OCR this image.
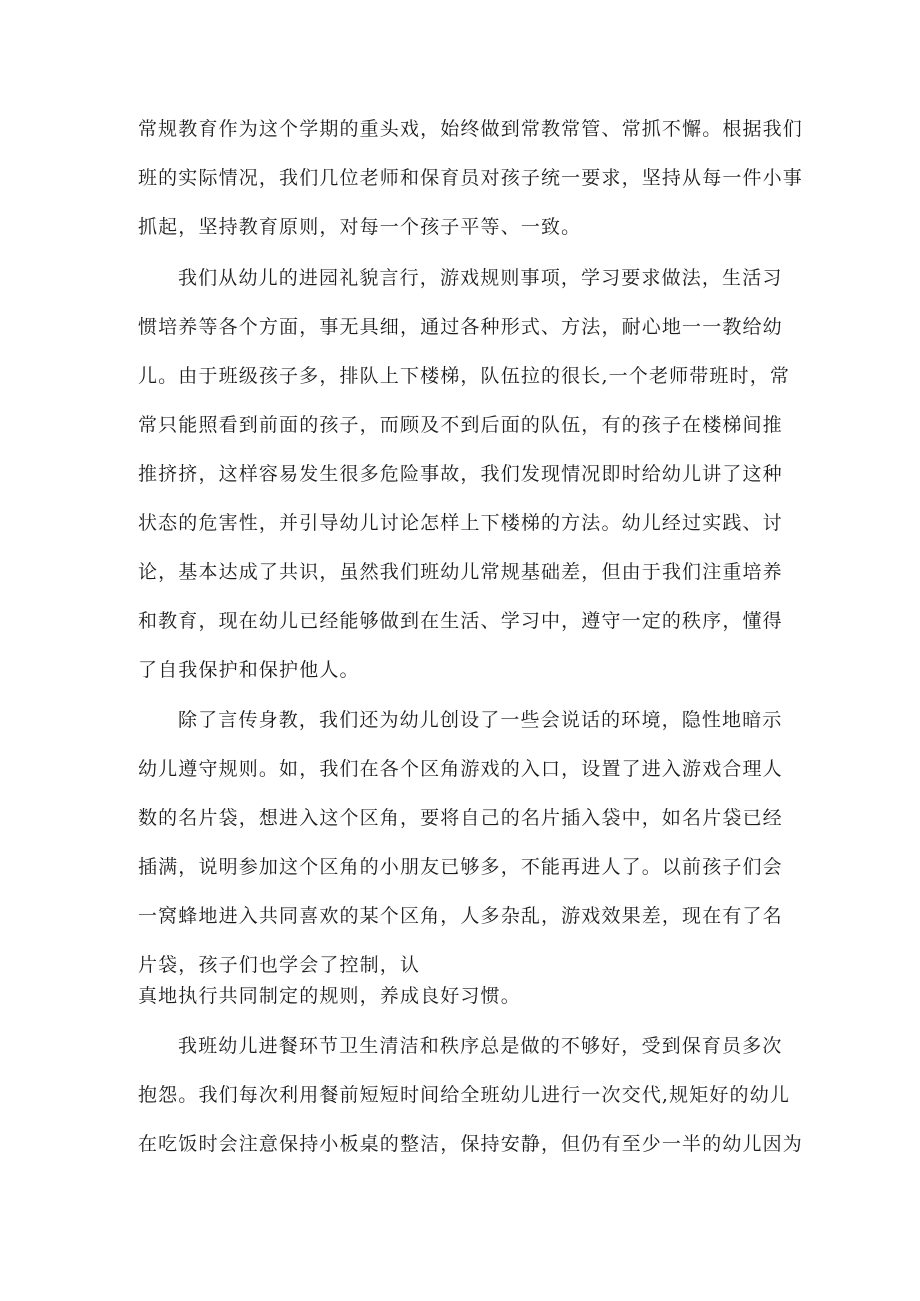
常规教育作为这个学期的重头戏，始终做到常教常管、常抓不懈。根据我们
班的实际情况，我们几位老师和保育员对孩子统一要求，坚持从每一件小事
抓起，坚持教育原则，对每一个孩子平等、一致。
我们从幼儿的进园礼貌言行，游戏规则事项，学习要求做法，生活习
惯培养等各个方面，事无具细，通过各种形式、方法，耐心地一一教给幼
儿。由于班级孩子多，排队上下楼梯，队伍拉的很长,一个老师带班时，常
常只能照看到前面的孩子，而顾及不到后面的队伍，有的孩子在楼梯间推
推挤挤，这样容易发生很多危险事故，我们发现情况即时给幼儿讲了这种
状态的危害性，并引导幼儿讨论怎样上下楼梯的方法。幼儿经过实践、讨
论，基本达成了共识，虽然我们班幼儿常规基础差，但由于我们注重培养
和教育，现在幼儿已经能够做到在生活、学习中，遵守一定的秩序，懂得
了自我保护和保护他人。
除了言传身教，我们还为幼儿创设了一些会说话的环境，隐性地暗示
幼儿遵守规则。如，我们在各个区角游戏的入口，设置了进入游戏合理人
数的名片袋，想进入这个区角，要将自己的名片插入袋中，如名片袋已经
插满，说明参加这个区角的小朋友已够多，不能再进人了。以前孩子们会
一窝蜂地进入共同喜欢的某个区角，人多杂乱，游戏效果差，现在有了名
片袋，孩子们也学会了控制，认
真地执行共同制定的规则，养成良好习惯。
我班幼儿进餐环节卫生清洁和秩序总是做的不够好，受到保育员多次
抱怨。我们每次利用餐前短短时间给全班幼儿进行一次交代,规矩好的幼儿
在吃饭时会注意保持小板桌的整洁，保持安静，但仍有至少一半的幼儿因为
